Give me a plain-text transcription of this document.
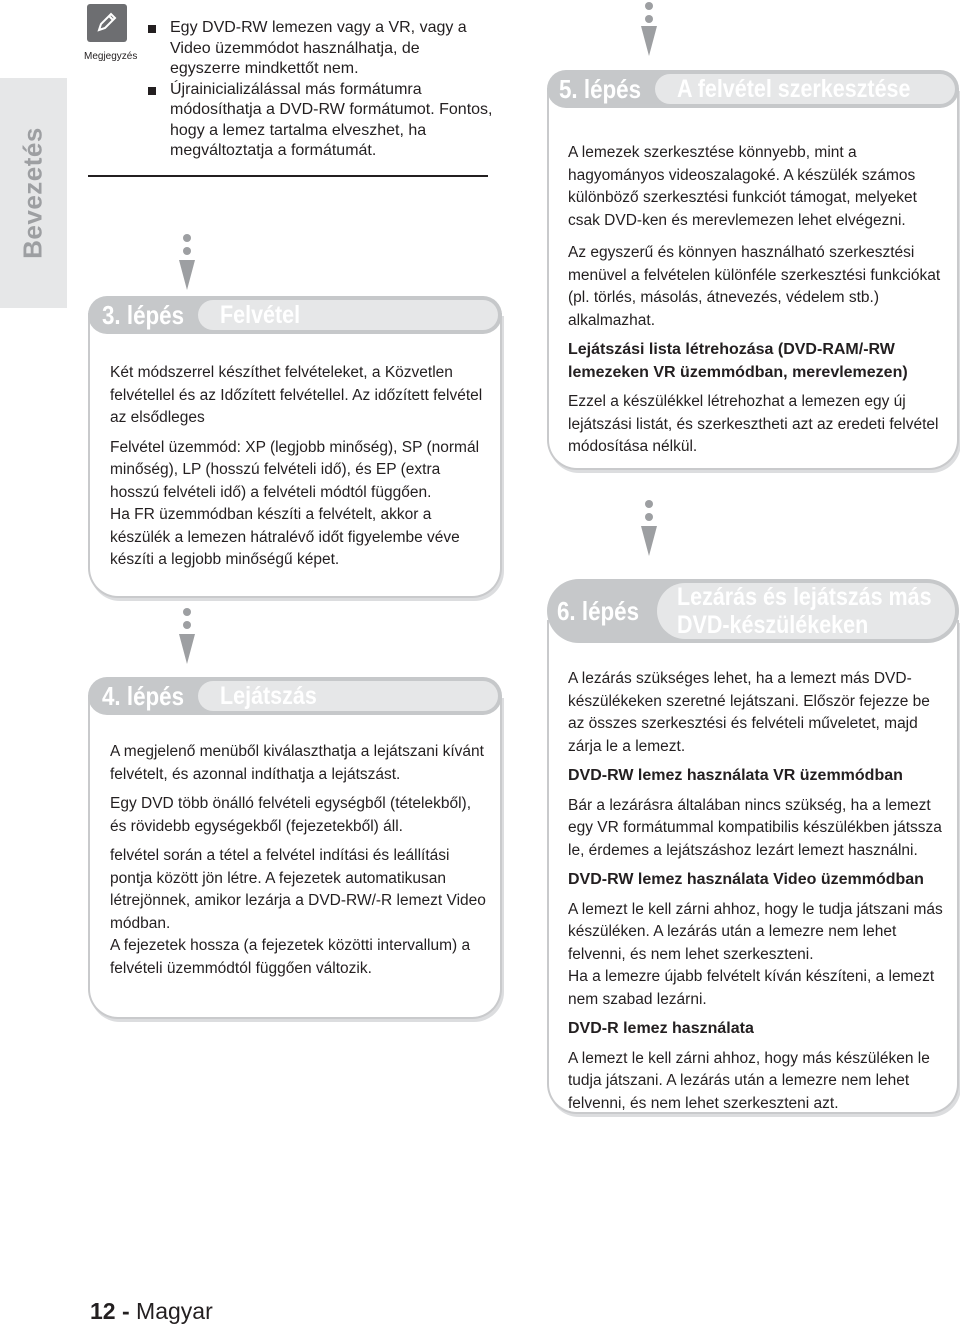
Bevezetés
Megjegyzés
Egy DVD-RW lemezen vagy a VR, vagy a Video üzemmódot használhatja, de egyszerre mindkettőt nem.
Újrainicializálással más formátumra módosíthatja a DVD-RW formátumot. Fontos, hogy a lemez tartalma elveszhet, ha megváltoztatja a formátumát.
3. lépés Felvétel

Két módszerrel készíthet felvételeket, a Közvetlen felvétellel és az Időzített felvétellel. Az időzített felvétel az elsődleges

Felvétel üzemmód: XP (legjobb minőség), SP (normál minőség), LP (hosszú felvételi idő), és EP (extra hosszú felvételi idő) a felvételi módtól függően.
Ha FR üzemmódban készíti a felvételt, akkor a készülék a lemezen hátralévő időt figyelembe véve készíti a legjobb minőségű képet.

4. lépés Lejátszás

A megjelenő menüből kiválaszthatja a lejátszani kívánt felvételt, és azonnal indíthatja a lejátszást.

Egy DVD több önálló felvételi egységből (tételekből), és rövidebb egységekből (fejezetekből) áll.

felvétel során a tétel a felvétel indítási és leállítási pontja között jön létre. A fejezetek automatikusan létrejönnek, amikor lezárja a DVD-RW/-R lemezt Video módban.
A fejezetek hossza (a fejezetek közötti intervallum) a felvételi üzemmódtól függően változik.

5. lépés A felvétel szerkesztése

A lemezek szerkesztése könnyebb, mint a hagyományos videoszalagoké. A készülék számos különböző szerkesztési funkciót támogat, melyeket csak DVD-ken és merevlemezen lehet elvégezni.

Az egyszerű és könnyen használható szerkesztési menüvel a felvételen különféle szerkesztési funkciókat (pl. törlés, másolás, átnevezés, védelem stb.) alkalmazhat.

Lejátszási lista létrehozása (DVD-RAM/-RW lemezeken VR üzemmódban, merevlemezen)

Ezzel a készülékkel létrehozhat a lemezen egy új lejátszási listát, és szerkesztheti azt az eredeti felvétel módosítása nélkül.

6. lépés Lezárás és lejátszás más
DVD-készülékeken

A lezárás szükséges lehet, ha a lemezt más DVD-készülékeken szeretné lejátszani. Először fejezze be az összes szerkesztési és felvételi műveletet, majd zárja le a lemezt.

DVD-RW lemez használata VR üzemmódban

Bár a lezárásra általában nincs szükség, ha a lemezt egy VR formátummal kompatibilis készülékben játssza le, érdemes a lejátszáshoz lezárt lemezt használni.

DVD-RW lemez használata Video üzemmódban

A lemezt le kell zárni ahhoz, hogy le tudja játszani más készüléken. A lezárás után a lemezre nem lehet felvenni, és nem lehet szerkeszteni.
Ha a lemezre újabb felvételt kíván készíteni, a lemezt nem szabad lezárni.

DVD-R lemez használata

A lemezt le kell zárni ahhoz, hogy más készüléken le tudja játszani. A lezárás után a lemezre nem lehet felvenni, és nem lehet szerkeszteni azt.

12 - Magyar
